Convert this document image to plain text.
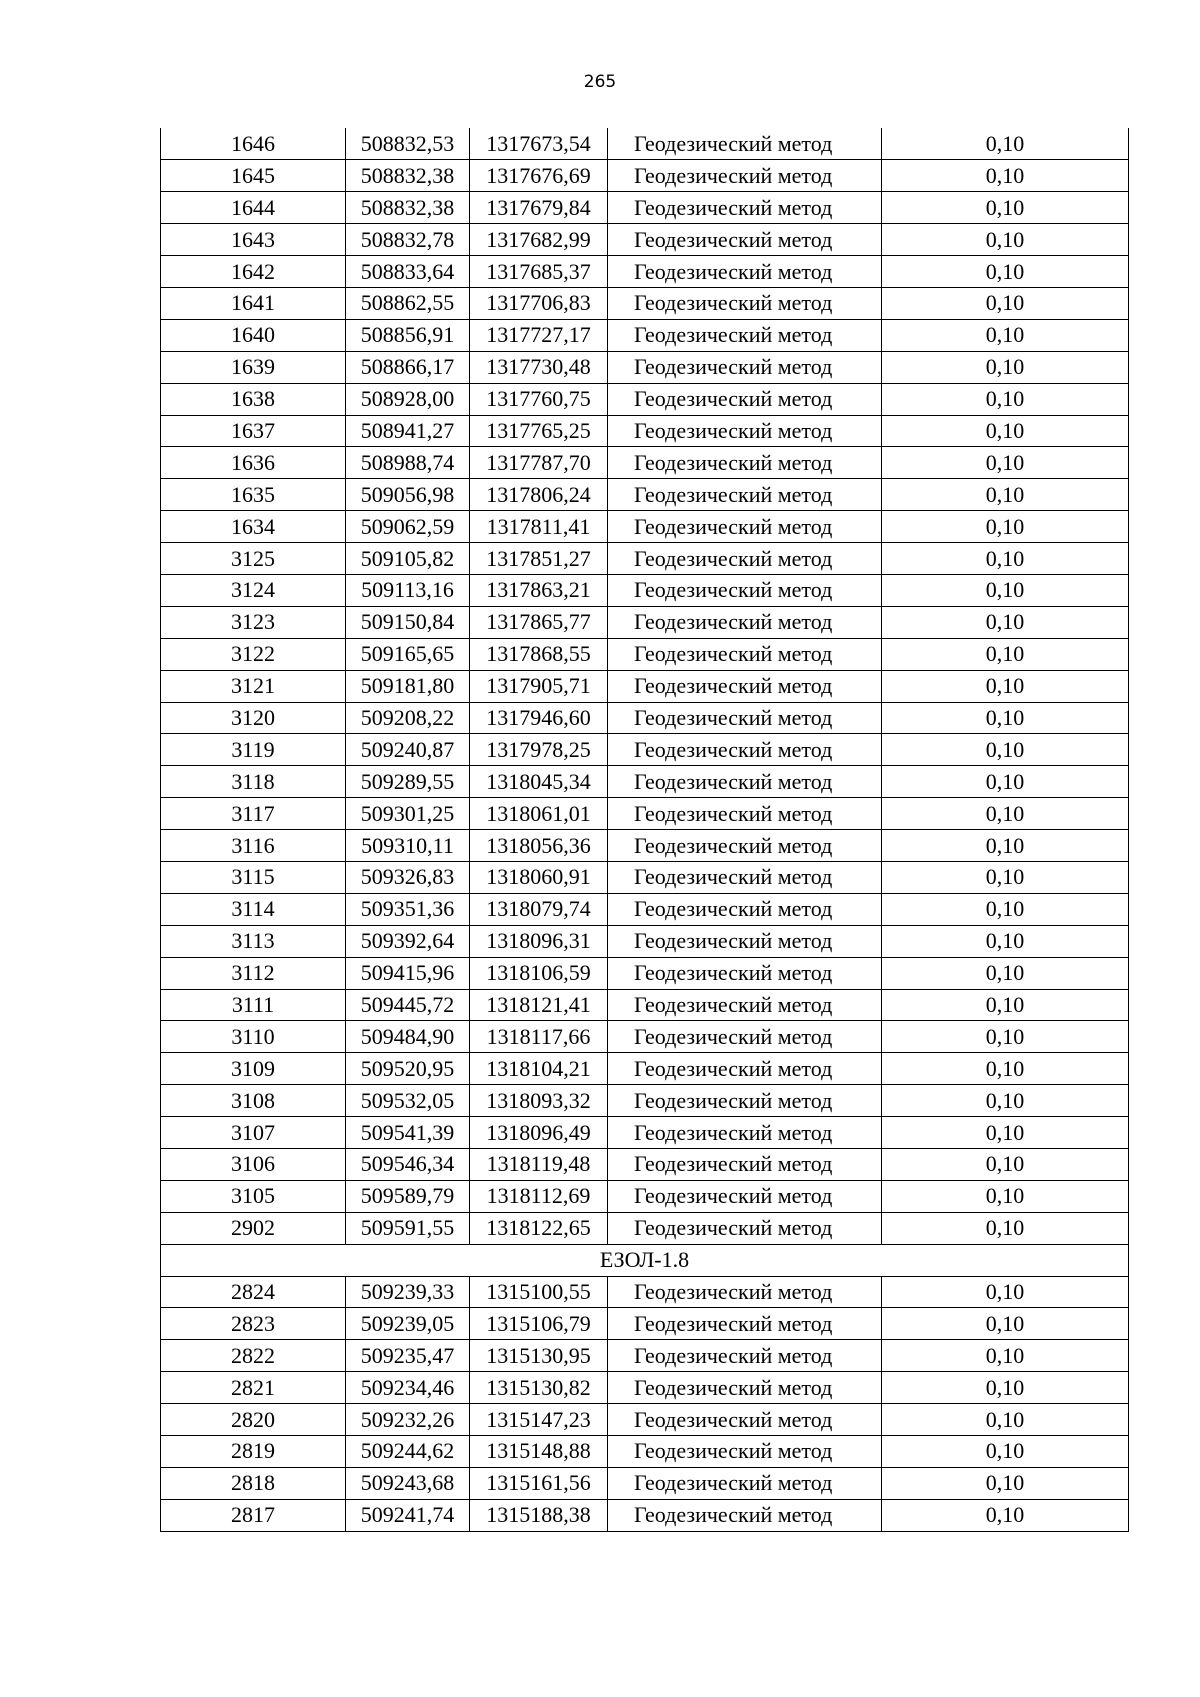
265
1646	508832,53	1317673,54	Геодезический метод	0,10
1645	508832,38	1317676,69	Геодезический метод	0,10
1644	508832,38	1317679,84	Геодезический метод	0,10
1643	508832,78	1317682,99	Геодезический метод	0,10
1642	508833,64	1317685,37	Геодезический метод	0,10
1641	508862,55	1317706,83	Геодезический метод	0,10
1640	508856,91	1317727,17	Геодезический метод	0,10
1639	508866,17	1317730,48	Геодезический метод	0,10
1638	508928,00	1317760,75	Геодезический метод	0,10
1637	508941,27	1317765,25	Геодезический метод	0,10
1636	508988,74	1317787,70	Геодезический метод	0,10
1635	509056,98	1317806,24	Геодезический метод	0,10
1634	509062,59	1317811,41	Геодезический метод	0,10
3125	509105,82	1317851,27	Геодезический метод	0,10
3124	509113,16	1317863,21	Геодезический метод	0,10
3123	509150,84	1317865,77	Геодезический метод	0,10
3122	509165,65	1317868,55	Геодезический метод	0,10
3121	509181,80	1317905,71	Геодезический метод	0,10
3120	509208,22	1317946,60	Геодезический метод	0,10
3119	509240,87	1317978,25	Геодезический метод	0,10
3118	509289,55	1318045,34	Геодезический метод	0,10
3117	509301,25	1318061,01	Геодезический метод	0,10
3116	509310,11	1318056,36	Геодезический метод	0,10
3115	509326,83	1318060,91	Геодезический метод	0,10
3114	509351,36	1318079,74	Геодезический метод	0,10
3113	509392,64	1318096,31	Геодезический метод	0,10
3112	509415,96	1318106,59	Геодезический метод	0,10
3111	509445,72	1318121,41	Геодезический метод	0,10
3110	509484,90	1318117,66	Геодезический метод	0,10
3109	509520,95	1318104,21	Геодезический метод	0,10
3108	509532,05	1318093,32	Геодезический метод	0,10
3107	509541,39	1318096,49	Геодезический метод	0,10
3106	509546,34	1318119,48	Геодезический метод	0,10
3105	509589,79	1318112,69	Геодезический метод	0,10
2902	509591,55	1318122,65	Геодезический метод	0,10
ЕЗОЛ-1.8				
2824	509239,33	1315100,55	Геодезический метод	0,10
2823	509239,05	1315106,79	Геодезический метод	0,10
2822	509235,47	1315130,95	Геодезический метод	0,10
2821	509234,46	1315130,82	Геодезический метод	0,10
2820	509232,26	1315147,23	Геодезический метод	0,10
2819	509244,62	1315148,88	Геодезический метод	0,10
2818	509243,68	1315161,56	Геодезический метод	0,10
2817	509241,74	1315188,38	Геодезический метод	0,10
